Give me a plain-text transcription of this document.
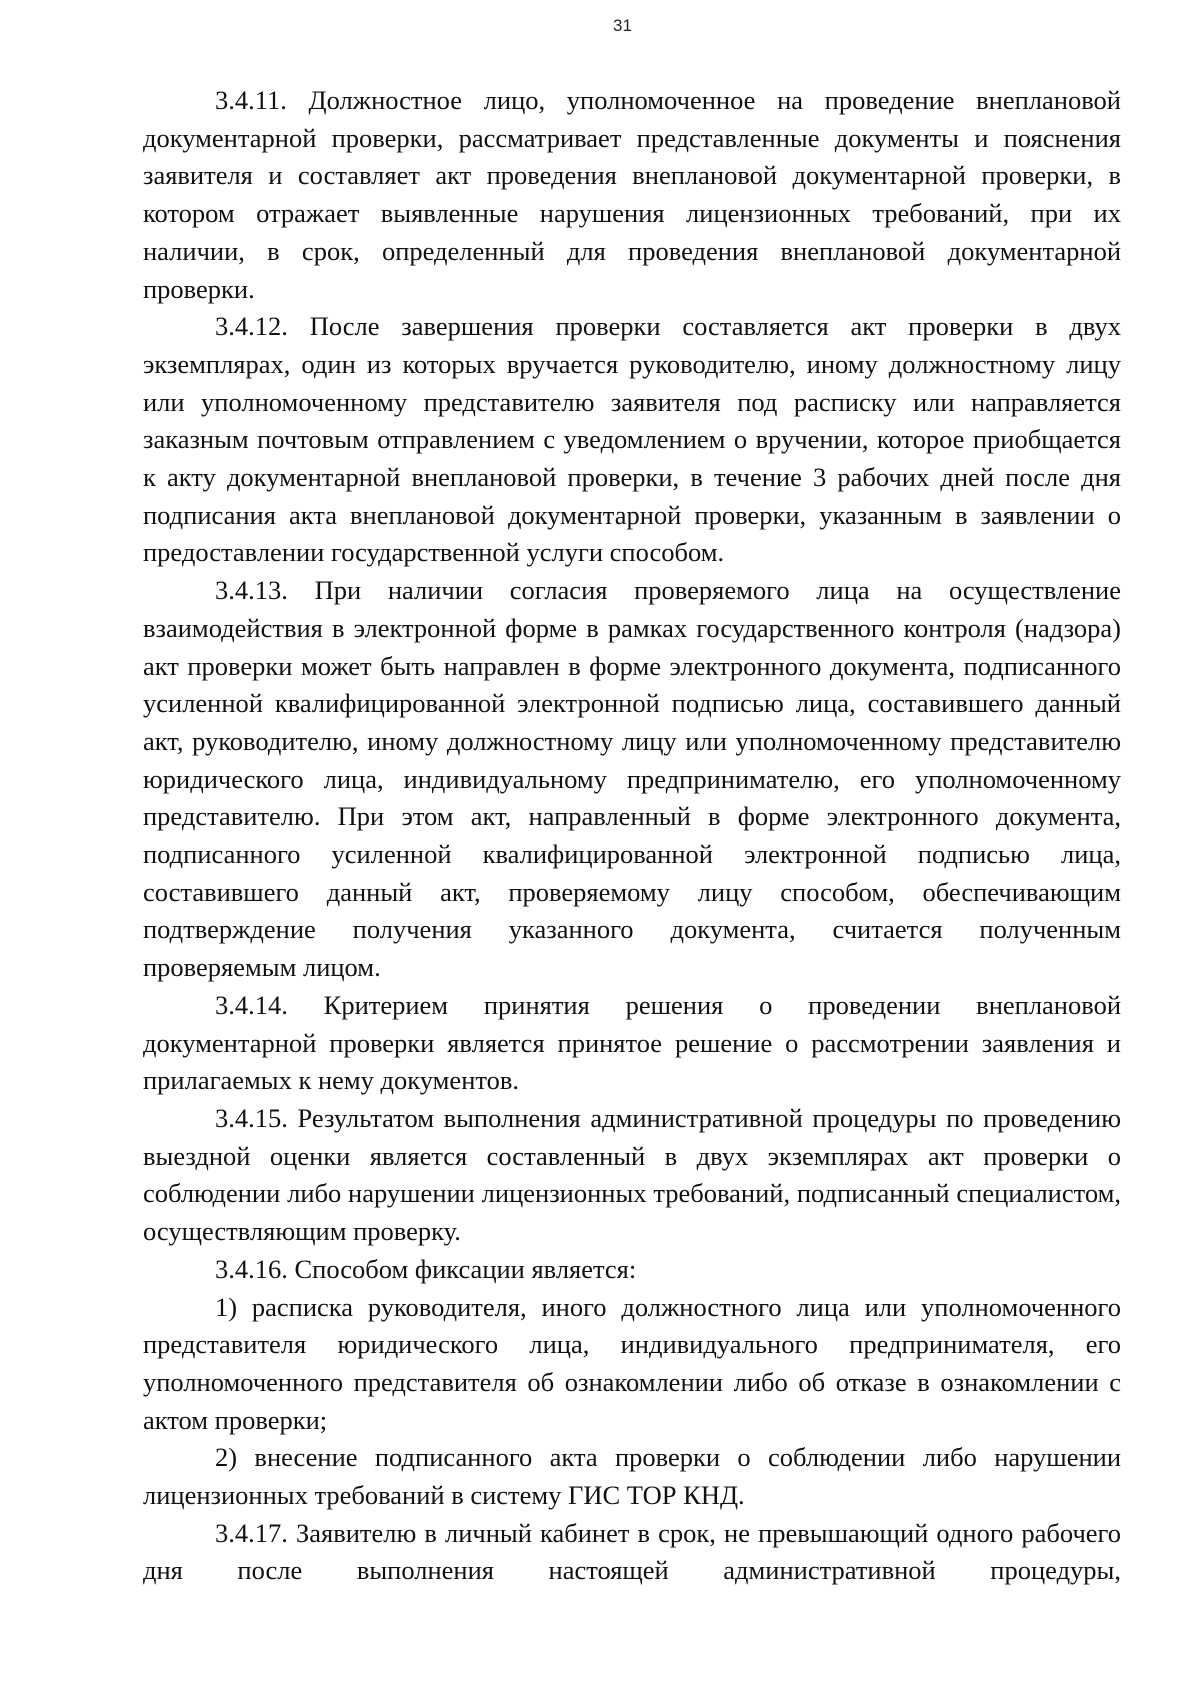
31

3.4.11. Должностное лицо, уполномоченное на проведение внеплановой документарной проверки, рассматривает представленные документы и пояснения заявителя и составляет акт проведения внеплановой документарной проверки, в котором отражает выявленные нарушения лицензионных требований, при их наличии, в срок, определенный для проведения внеплановой документарной проверки.

3.4.12. После завершения проверки составляется акт проверки в двух экземплярах, один из которых вручается руководителю, иному должностному лицу или уполномоченному представителю заявителя под расписку или направляется заказным почтовым отправлением с уведомлением о вручении, которое приобщается к акту документарной внеплановой проверки, в течение 3 рабочих дней после дня подписания акта внеплановой документарной проверки, указанным в заявлении о предоставлении государственной услуги способом.

3.4.13. При наличии согласия проверяемого лица на осуществление взаимодействия в электронной форме в рамках государственного контроля (надзора) акт проверки может быть направлен в форме электронного документа, подписанного усиленной квалифицированной электронной подписью лица, составившего данный акт, руководителю, иному должностному лицу или уполномоченному представителю юридического лица, индивидуальному предпринимателю, его уполномоченному представителю. При этом акт, направленный в форме электронного документа, подписанного усиленной квалифицированной электронной подписью лица, составившего данный акт, проверяемому лицу способом, обеспечивающим подтверждение получения указанного документа, считается полученным проверяемым лицом.

3.4.14. Критерием принятия решения о проведении внеплановой документарной проверки является принятое решение о рассмотрении заявления и прилагаемых к нему документов.

3.4.15. Результатом выполнения административной процедуры по проведению выездной оценки является составленный в двух экземплярах акт проверки о соблюдении либо нарушении лицензионных требований, подписанный специалистом, осуществляющим проверку.

3.4.16. Способом фиксации является:

1) расписка руководителя, иного должностного лица или уполномоченного представителя юридического лица, индивидуального предпринимателя, его уполномоченного представителя об ознакомлении либо об отказе в ознакомлении с актом проверки;

2) внесение подписанного акта проверки о соблюдении либо нарушении лицензионных требований в систему ГИС ТОР КНД.

3.4.17. Заявителю в личный кабинет в срок, не превышающий одного рабочего дня после выполнения настоящей административной процедуры,
